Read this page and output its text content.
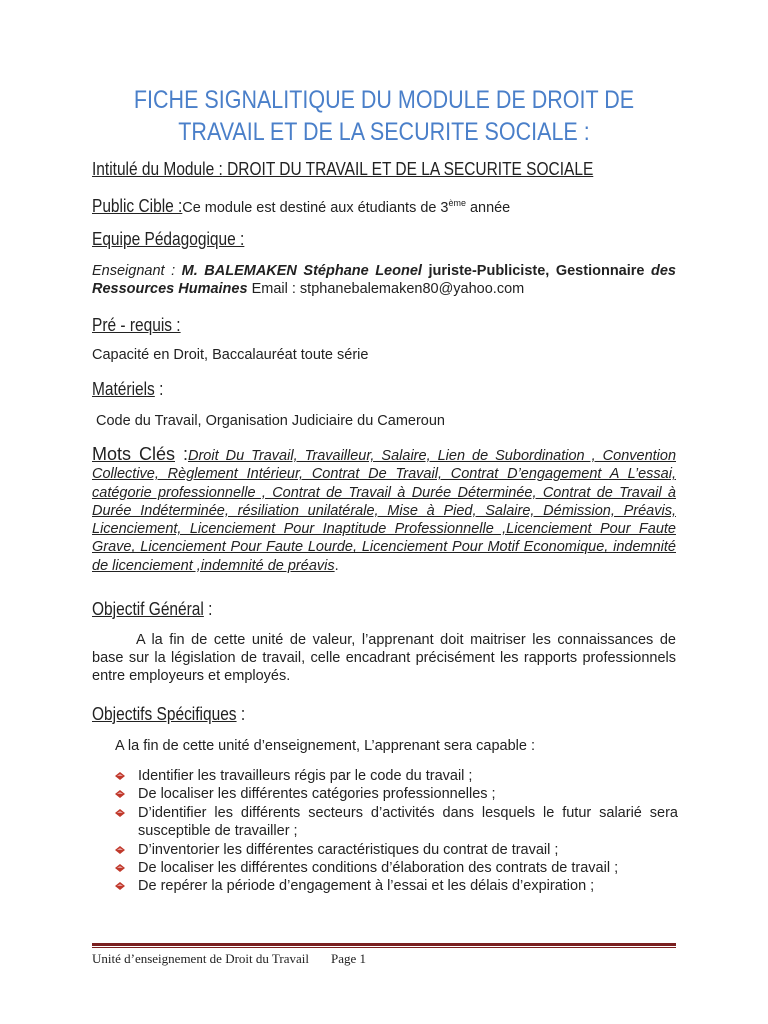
FICHE SIGNALITIQUE DU MODULE DE DROIT DE
TRAVAIL ET DE LA SECURITE SOCIALE :
Intitulé du Module : DROIT DU TRAVAIL ET DE LA SECURITE SOCIALE
Public Cible :Ce module est destiné aux étudiants de 3ème année
Equipe Pédagogique :
Enseignant : M. BALEMAKEN Stéphane Leonel juriste-Publiciste, Gestionnaire des Ressources Humaines Email : stphanebalemaken80@yahoo.com
Pré - requis :
Capacité en Droit, Baccalauréat toute série
Matériels :
Code du Travail, Organisation Judiciaire du Cameroun
Mots Clés :Droit Du Travail, Travailleur, Salaire, Lien de Subordination , Convention Collective, Règlement Intérieur, Contrat De Travail, Contrat D’engagement A L’essai, catégorie professionnelle , Contrat de Travail à Durée Déterminée, Contrat de Travail à Durée Indéterminée, résiliation unilatérale, Mise à Pied, Salaire, Démission, Préavis, Licenciement, Licenciement Pour Inaptitude Professionnelle ,Licenciement Pour Faute Grave, Licenciement Pour Faute Lourde, Licenciement Pour Motif Economique, indemnité de licenciement ,indemnité de préavis.
Objectif Général :
A la fin de cette unité de valeur, l’apprenant doit maitriser les connaissances de base sur la législation de travail, celle encadrant précisément les rapports professionnels entre employeurs et employés.
Objectifs Spécifiques :
A la fin de cette unité d’enseignement, L’apprenant sera capable :
Identifier les travailleurs régis par le code du travail ;
De localiser les différentes catégories professionnelles ;
D’identifier les différents secteurs d’activités dans lesquels le futur salarié sera susceptible de travailler ;
D’inventorier les différentes caractéristiques du contrat de travail ;
De localiser les différentes conditions d’élaboration des contrats de travail ;
De repérer la période d’engagement à l’essai et les délais d’expiration ;
Unité d’enseignement de Droit du Travail Page 1
